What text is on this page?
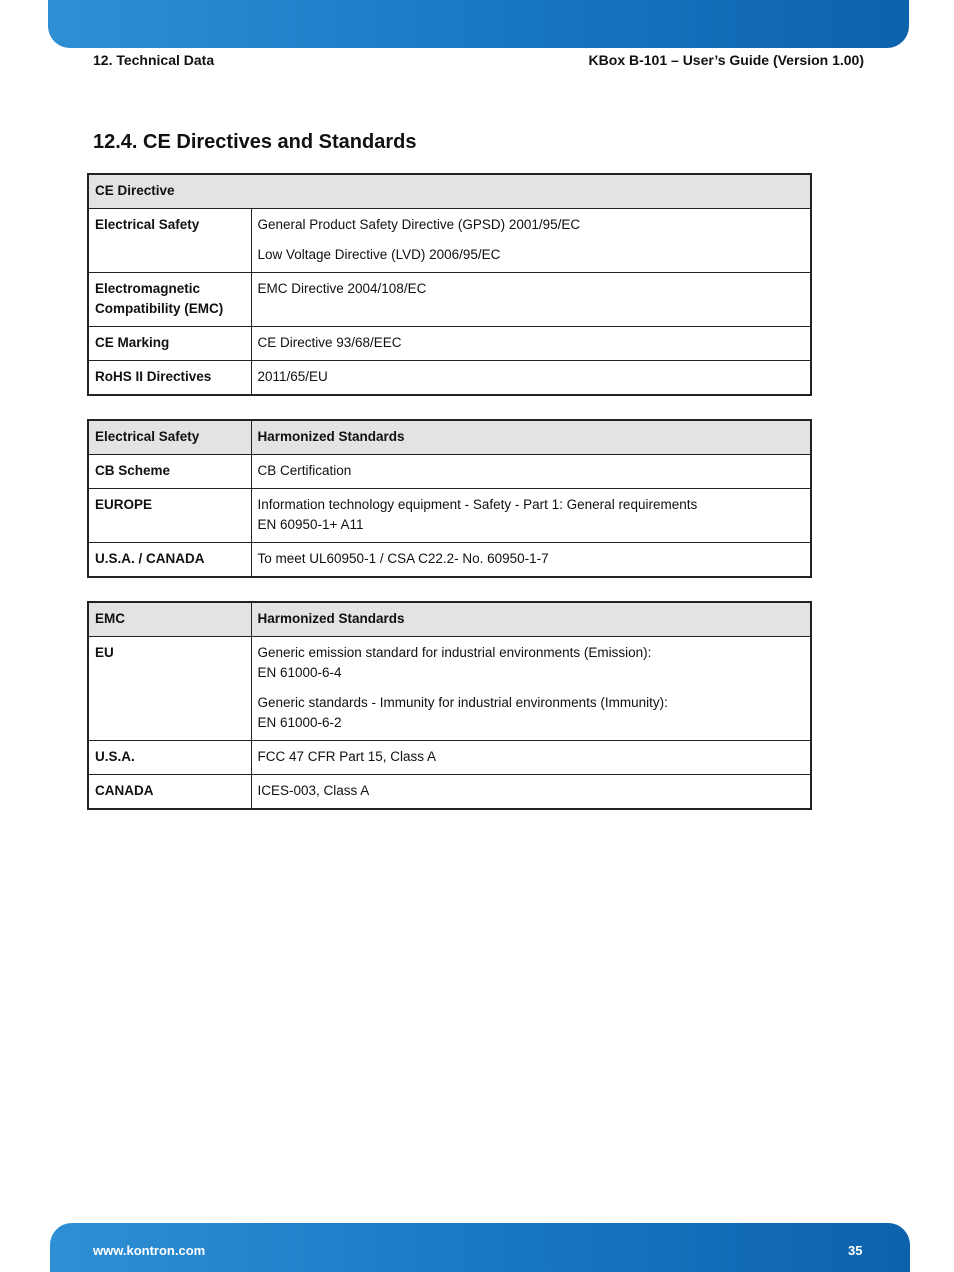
12. Technical Data	KBox B-101 – User’s Guide (Version 1.00)
12.4. CE Directives and Standards
CE Directive	
Electrical Safety	General Product Safety Directive (GPSD) 2001/95/EC
Low Voltage Directive (LVD) 2006/95/EC

Electromagnetic Compatibility (EMC)	EMC Directive 2004/108/EC
CE Marking	CE Directive 93/68/EEC
RoHS II Directives	2011/65/EU
Electrical Safety	Harmonized Standards
CB Scheme	CB Certification
EUROPE	Information technology equipment - Safety - Part 1: General requirements
EN 60950-1+ A11
U.S.A. / CANADA	To meet UL60950-1 / CSA C22.2- No. 60950-1-7
EMC	Harmonized Standards
EU	Generic emission standard for industrial environments (Emission):
EN 61000-6-4
Generic standards - Immunity for industrial environments (Immunity):
EN 61000-6-2
U.S.A.	FCC 47 CFR Part 15, Class A
CANADA	ICES-003, Class A
www.kontron.com	35
